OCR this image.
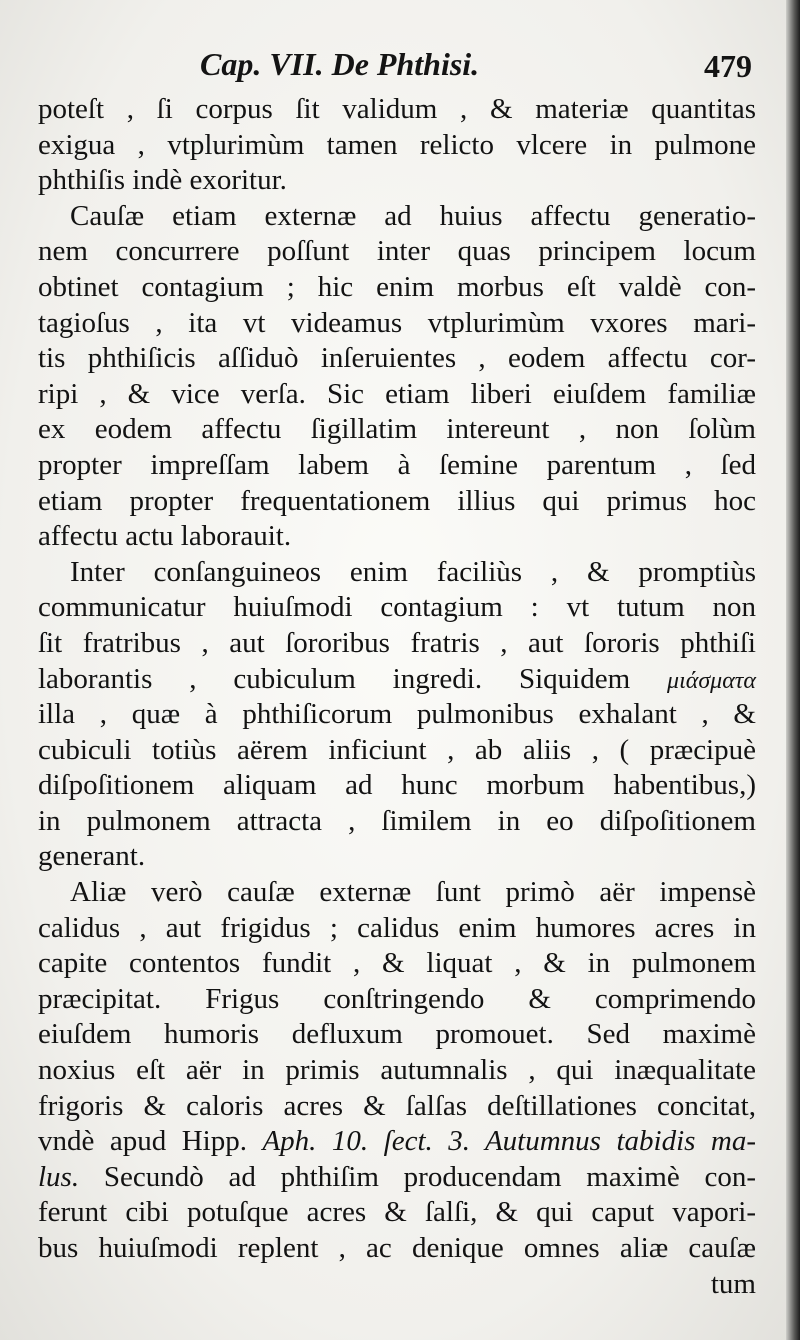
Cap. VII. De Phthisi.	479
poteſt , ſi corpus ſit validum , & materiæ quantitas
exigua , vtplurimùm tamen relicto vlcere in pulmone
phthiſis indè exoritur.
Cauſæ etiam externæ ad huius affectu generatio-
nem concurrere poſſunt inter quas principem locum
obtinet contagium ; hic enim morbus eſt valdè con-
tagioſus , ita vt videamus vtplurimùm vxores mari-
tis phthiſicis aſſiduò inſeruientes , eodem affectu cor-
ripi , & vice verſa. Sic etiam liberi eiuſdem familiæ
ex eodem affectu ſigillatim intereunt , non ſolùm
propter impreſſam labem à ſemine parentum , ſed
etiam propter frequentationem illius qui primus hoc
affectu actu laborauit.
Inter conſanguineos enim faciliùs , & promptiùs
communicatur huiuſmodi contagium : vt tutum non
ſit fratribus , aut ſororibus fratris , aut ſororis phthiſi
laborantis , cubiculum ingredi. Siquidem μιάσματα
illa , quæ à phthiſicorum pulmonibus exhalant , &
cubiculi totiùs aërem inficiunt , ab aliis , ( præcipuè
diſpoſitionem aliquam ad hunc morbum habentibus,)
in pulmonem attracta , ſimilem in eo diſpoſitionem
generant.
Aliæ verò cauſæ externæ ſunt primò aër impensè
calidus , aut frigidus ; calidus enim humores acres in
capite contentos fundit , & liquat , & in pulmonem
præcipitat. Frigus conſtringendo & comprimendo
eiuſdem humoris defluxum promouet. Sed maximè
noxius eſt aër in primis autumnalis , qui inæqualitate
frigoris & caloris acres & ſalſas deſtillationes concitat,
vndè apud Hipp. Aph. 10. ſect. 3. Autumnus tabidis ma-
lus. Secundò ad phthiſim producendam maximè con-
ferunt cibi potuſque acres & ſalſi, & qui caput vapori-
bus huiuſmodi replent , ac denique omnes aliæ cauſæ
tum
